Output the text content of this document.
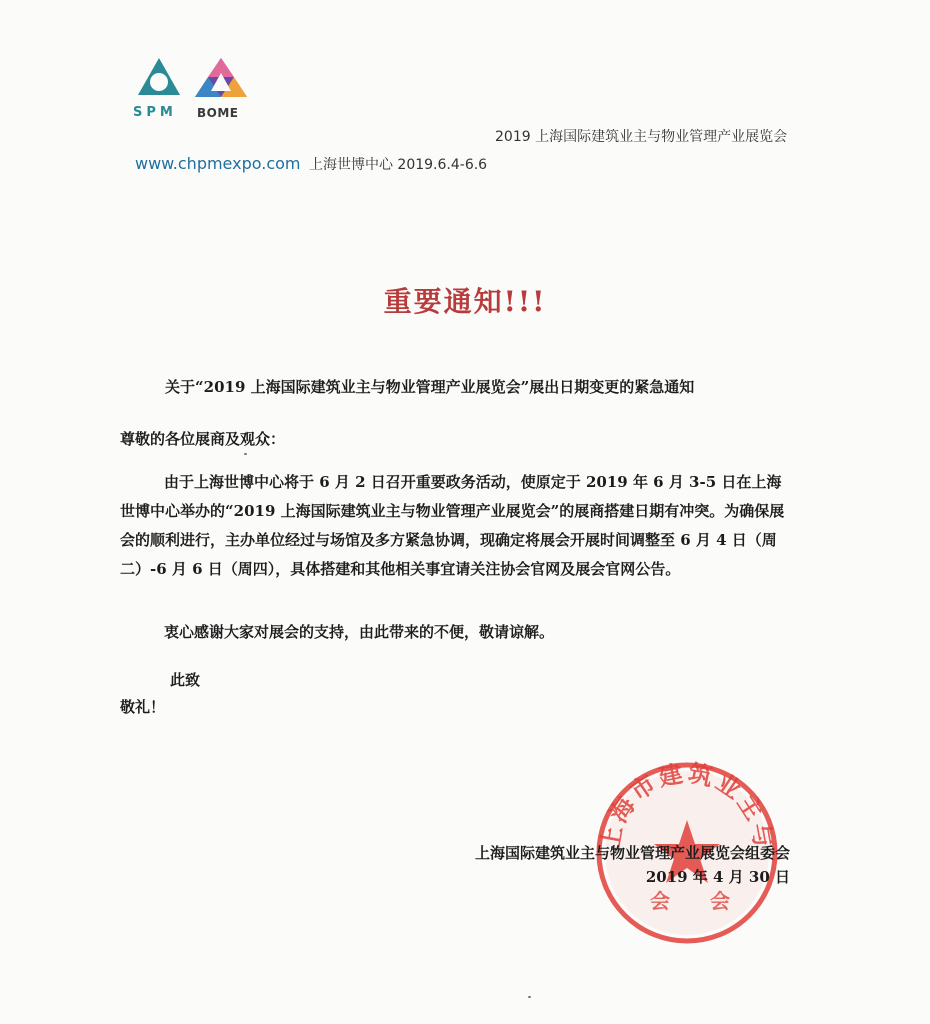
SPM BOME
2019 上海国际建筑业主与物业管理产业展览会
www.chpmexpo.com 上海世博中心 2019.6.4-6.6
重要通知!!!
关于“2019 上海国际建筑业主与物业管理产业展览会”展出日期变更的紧急通知
尊敬的各位展商及观众：

由于上海世博中心将于 6 月 2 日召开重要政务活动，使原定于 2019 年 6 月 3-5 日在上海世博中心举办的“2019 上海国际建筑业主与物业管理产业展览会”的展商搭建日期有冲突。为确保展会的顺利进行，主办单位经过与场馆及多方紧急协调，现确定将展会开展时间调整至 6 月 4 日（周二）-6 月 6 日（周四），具体搭建和其他相关事宜请关注协会官网及展会官网公告。

衷心感谢大家对展会的支持，由此带来的不便，敬请谅解。

此致
敬礼！
上海市建筑业主与
会 会
上海国际建筑业主与物业管理产业展览会组委会
2019 年 4 月 30 日
